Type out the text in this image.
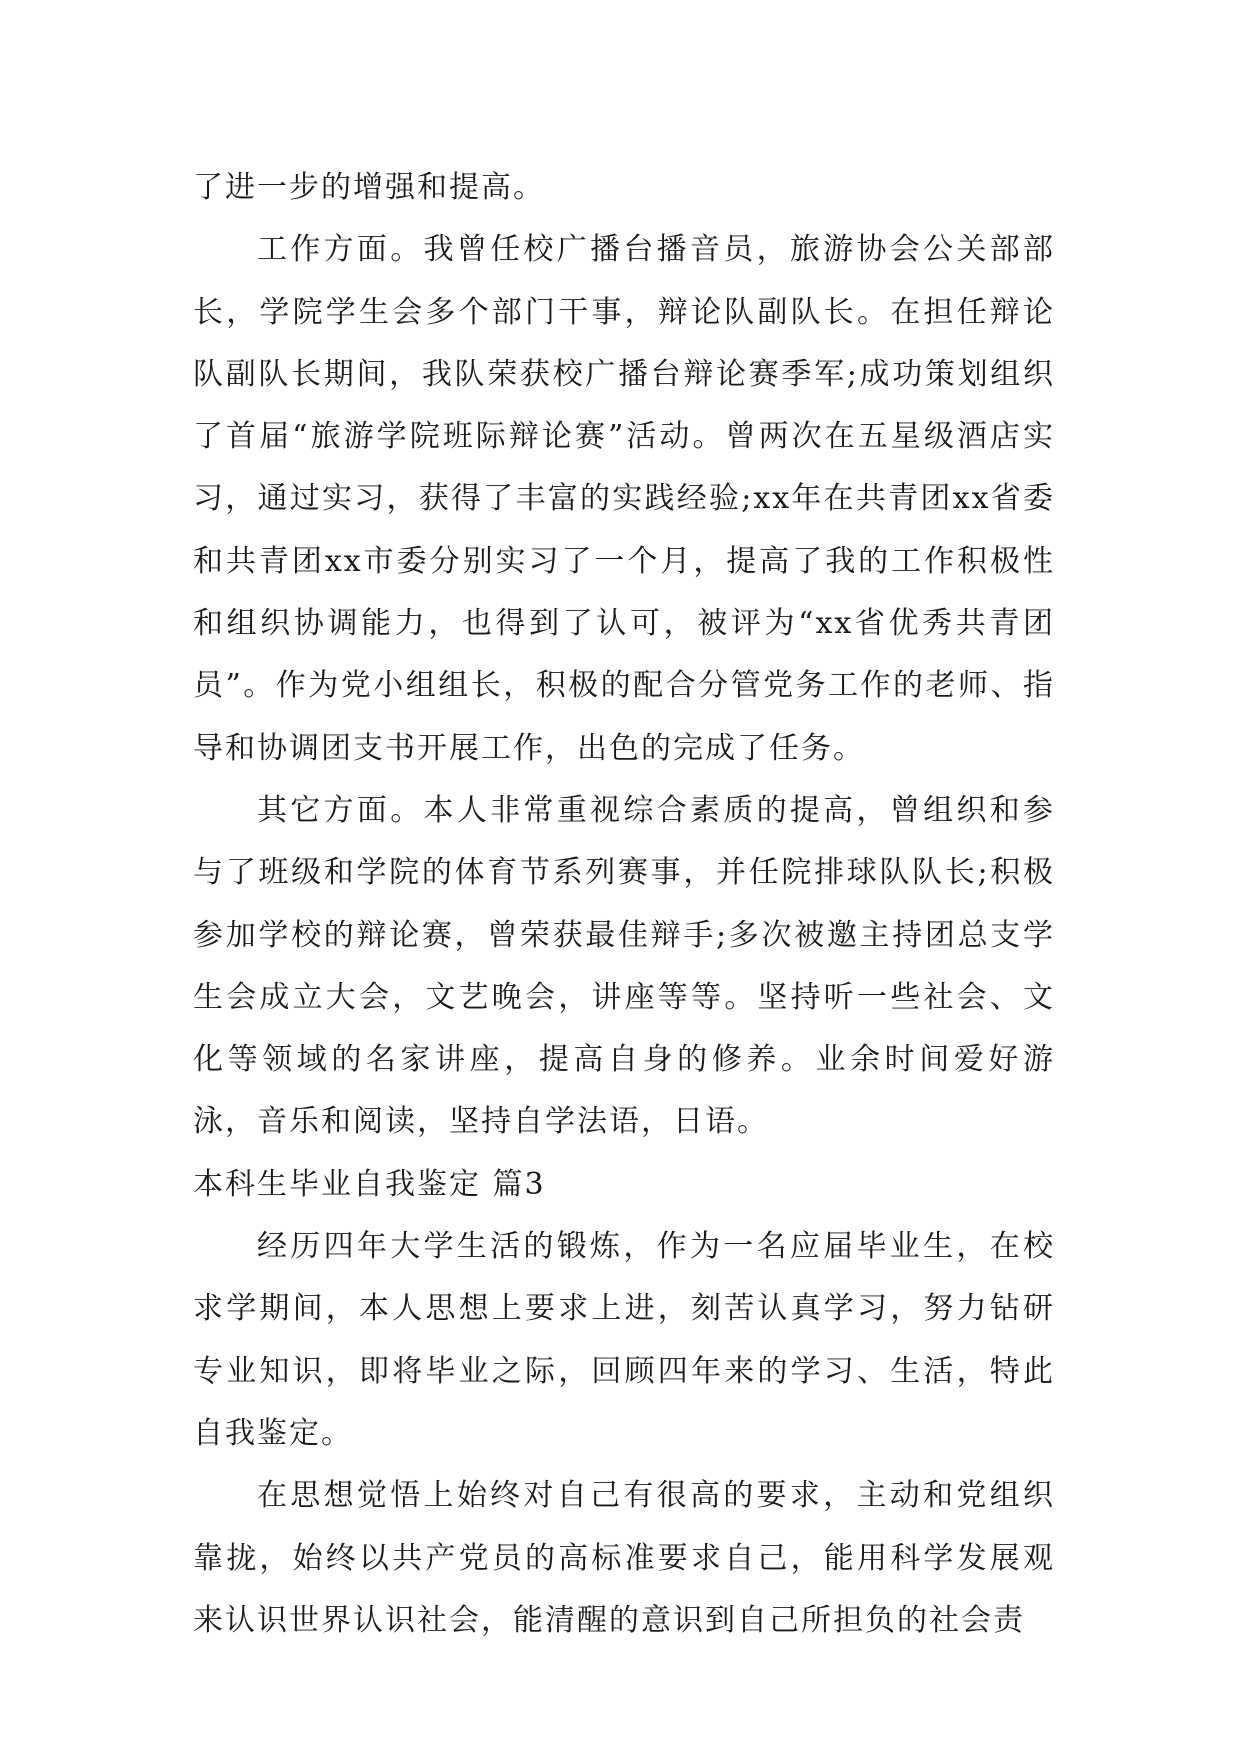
了进一步的增强和提高。

工作方面。我曾任校广播台播音员，旅游协会公关部部长，学院学生会多个部门干事，辩论队副队长。在担任辩论队副队长期间，我队荣获校广播台辩论赛季军;成功策划组织了首届“旅游学院班际辩论赛”活动。曾两次在五星级酒店实习，通过实习，获得了丰富的实践经验;xx年在共青团xx省委和共青团xx市委分别实习了一个月，提高了我的工作积极性和组织协调能力，也得到了认可，被评为“xx省优秀共青团员”。作为党小组组长，积极的配合分管党务工作的老师、指导和协调团支书开展工作，出色的完成了任务。

其它方面。本人非常重视综合素质的提高，曾组织和参与了班级和学院的体育节系列赛事，并任院排球队队长;积极参加学校的辩论赛，曾荣获最佳辩手;多次被邀主持团总支学生会成立大会，文艺晚会，讲座等等。坚持听一些社会、文化等领域的名家讲座，提高自身的修养。业余时间爱好游泳，音乐和阅读，坚持自学法语，日语。

本科生毕业自我鉴定 篇3

经历四年大学生活的锻炼，作为一名应届毕业生，在校求学期间，本人思想上要求上进，刻苦认真学习，努力钻研专业知识，即将毕业之际，回顾四年来的学习、生活，特此自我鉴定。

在思想觉悟上始终对自己有很高的要求，主动和党组织靠拢，始终以共产党员的高标准要求自己，能用科学发展观来认识世界认识社会，能清醒的意识到自己所担负的社会责
